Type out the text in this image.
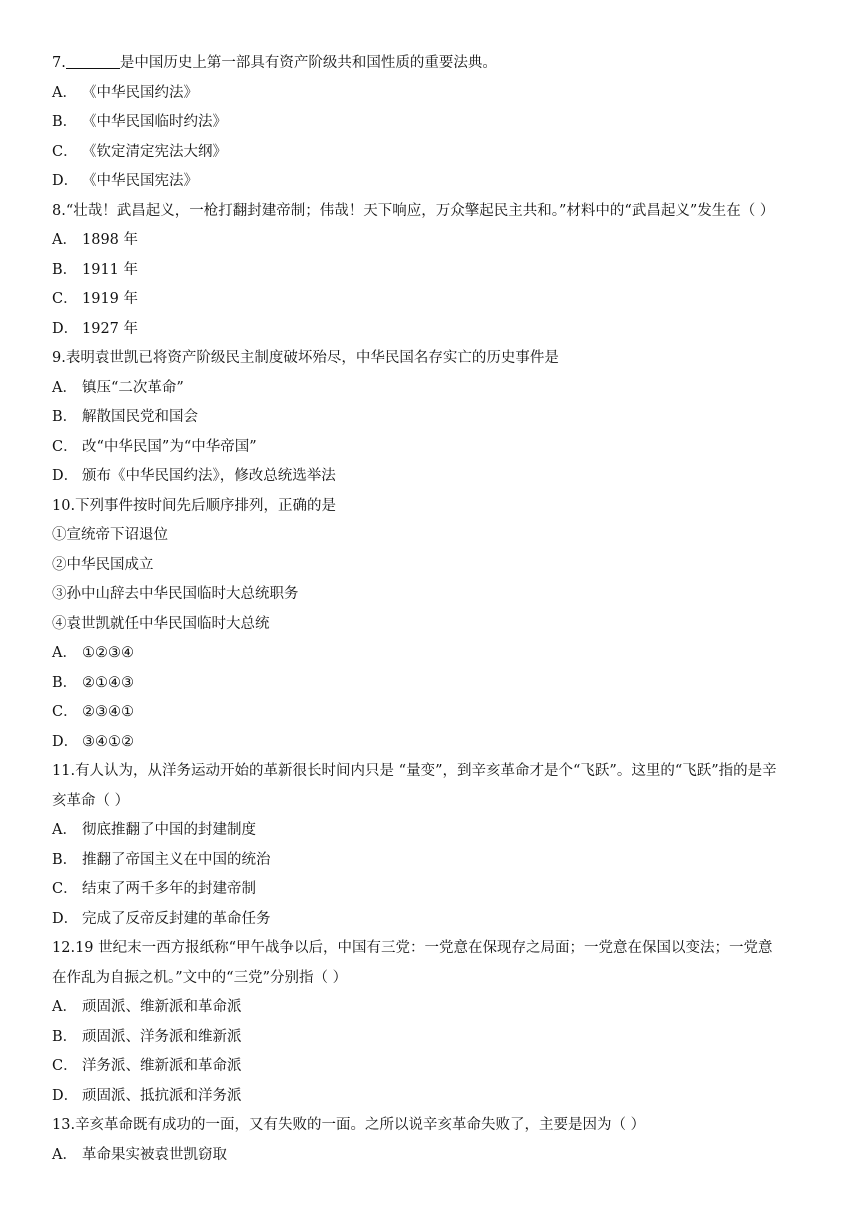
7.	是中国历史上第一部具有资产阶级共和国性质的重要法典。
A． 《中华民国约法》
B． 《中华民国临时约法》
C． 《钦定清定宪法大纲》
D． 《中华民国宪法》
8.“壮哉！武昌起义，一枪打翻封建帝制；伟哉！天下响应，万众擎起民主共和。”材料中的“武昌起义”发生在（ ）
A． 1898 年
B． 1911 年
C． 1919 年
D． 1927 年
9.表明袁世凯已将资产阶级民主制度破坏殆尽，中华民国名存实亡的历史事件是
A． 镇压“二次革命”
B． 解散国民党和国会
C． 改“中华民国”为“中华帝国”
D． 颁布《中华民国约法》，修改总统选举法
10.下列事件按时间先后顺序排列，正确的是
①宣统帝下诏退位
②中华民国成立
③孙中山辞去中华民国临时大总统职务
④袁世凯就任中华民国临时大总统
A． ①②③④
B． ②①④③
C． ②③④①
D． ③④①②
11.有人认为，从洋务运动开始的革新很长时间内只是 “量变”，到辛亥革命才是个“飞跃”。这里的“飞跃”指的是辛
亥革命（ ）
A． 彻底推翻了中国的封建制度
B． 推翻了帝国主义在中国的统治
C． 结束了两千多年的封建帝制
D． 完成了反帝反封建的革命任务
12.19 世纪末一西方报纸称“甲午战争以后，中国有三党：一党意在保现存之局面；一党意在保国以变法；一党意
在作乱为自振之机。”文中的“三党”分别指（ ）
A． 顽固派、维新派和革命派
B． 顽固派、洋务派和维新派
C． 洋务派、维新派和革命派
D． 顽固派、抵抗派和洋务派
13.辛亥革命既有成功的一面，又有失败的一面。之所以说辛亥革命失败了，主要是因为（ ）
A． 革命果实被袁世凯窃取
